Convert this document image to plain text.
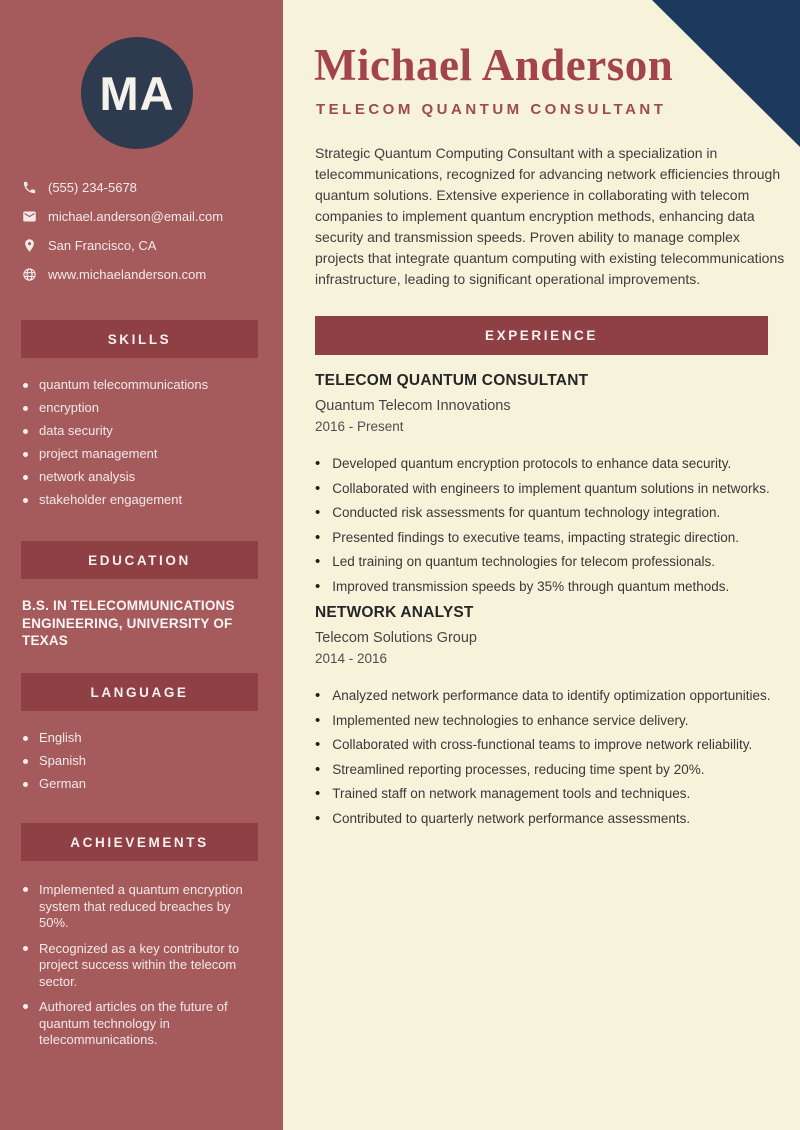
MA
(555) 234-5678
michael.anderson@email.com
San Francisco, CA
www.michaelanderson.com
SKILLS
quantum telecommunications
encryption
data security
project management
network analysis
stakeholder engagement
EDUCATION
B.S. IN TELECOMMUNICATIONS ENGINEERING, UNIVERSITY OF TEXAS
LANGUAGE
English
Spanish
German
ACHIEVEMENTS
Implemented a quantum encryption system that reduced breaches by 50%.
Recognized as a key contributor to project success within the telecom sector.
Authored articles on the future of quantum technology in telecommunications.
Michael Anderson
TELECOM QUANTUM CONSULTANT

Strategic Quantum Computing Consultant with a specialization in telecommunications, recognized for advancing network efficiencies through quantum solutions. Extensive experience in collaborating with telecom companies to implement quantum encryption methods, enhancing data security and transmission speeds. Proven ability to manage complex projects that integrate quantum computing with existing telecommunications infrastructure, leading to significant operational improvements.

EXPERIENCE
TELECOM QUANTUM CONSULTANT
Quantum Telecom Innovations
2016 - Present
• Developed quantum encryption protocols to enhance data security.
• Collaborated with engineers to implement quantum solutions in networks.
• Conducted risk assessments for quantum technology integration.
• Presented findings to executive teams, impacting strategic direction.
• Led training on quantum technologies for telecom professionals.
• Improved transmission speeds by 35% through quantum methods.
NETWORK ANALYST
Telecom Solutions Group
2014 - 2016
• Analyzed network performance data to identify optimization opportunities.
• Implemented new technologies to enhance service delivery.
• Collaborated with cross-functional teams to improve network reliability.
• Streamlined reporting processes, reducing time spent by 20%.
• Trained staff on network management tools and techniques.
• Contributed to quarterly network performance assessments.
